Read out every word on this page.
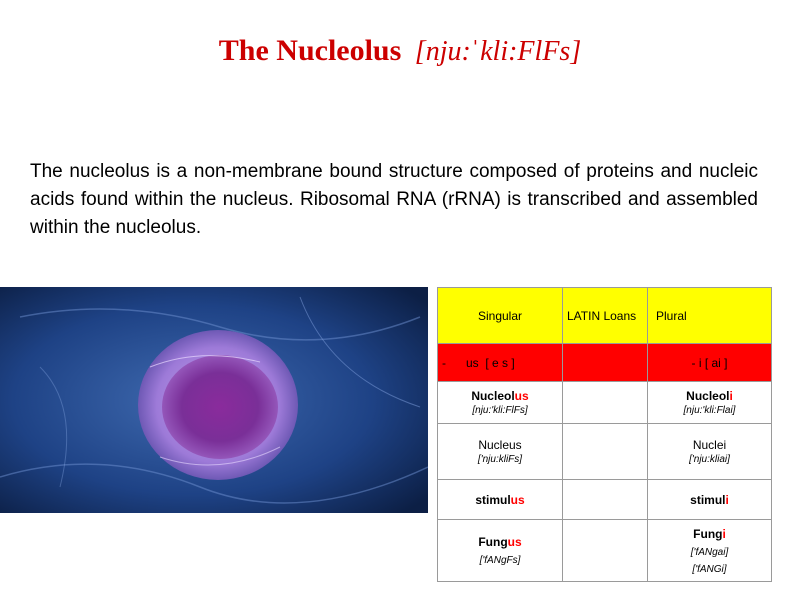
The Nucleolus [nju:ˈkli:FlFs]
The nucleolus is a non-membrane bound structure composed of proteins and nucleic acids found within the nucleus. Ribosomal RNA (rRNA) is transcribed and assembled within the nucleolus.
Singular	LATIN Loans	Plural
-      us  [ e s ]		- i [ ai ]
Nucleolus
[nju:'kli:FlFs]		Nucleoli
[nju:'kli:Flai]

Nucleus
['nju:kliFs]		Nuclei
['nju:kliai]

stimulus		stimuli
Fungus
['fANgFs]		Fungi
['fANgai]
['fANGi]
